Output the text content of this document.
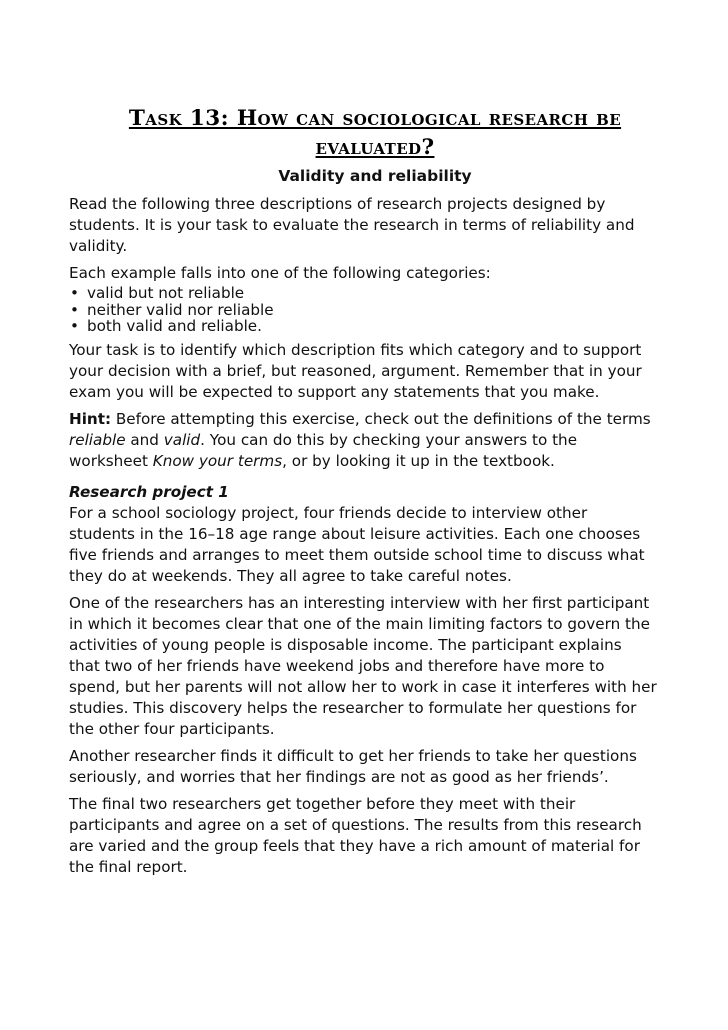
Task 13: How can sociological research be evaluated?
Validity and reliability

Read the following three descriptions of research projects designed by students. It is your task to evaluate the research in terms of reliability and validity.

Each example falls into one of the following categories:

• valid but not reliable
• neither valid nor reliable
• both valid and reliable.

Your task is to identify which description fits which category and to support your decision with a brief, but reasoned, argument. Remember that in your exam you will be expected to support any statements that you make.

Hint: Before attempting this exercise, check out the definitions of the terms reliable and valid. You can do this by checking your answers to the worksheet Know your terms, or by looking it up in the textbook.

Research project 1
For a school sociology project, four friends decide to interview other students in the 16–18 age range about leisure activities. Each one chooses five friends and arranges to meet them outside school time to discuss what they do at weekends. They all agree to take careful notes.

One of the researchers has an interesting interview with her first participant in which it becomes clear that one of the main limiting factors to govern the activities of young people is disposable income. The participant explains that two of her friends have weekend jobs and therefore have more to spend, but her parents will not allow her to work in case it interferes with her studies. This discovery helps the researcher to formulate her questions for the other four participants.

Another researcher finds it difficult to get her friends to take her questions seriously, and worries that her findings are not as good as her friends’.

The final two researchers get together before they meet with their participants and agree on a set of questions. The results from this research are varied and the group feels that they have a rich amount of material for the final report.
